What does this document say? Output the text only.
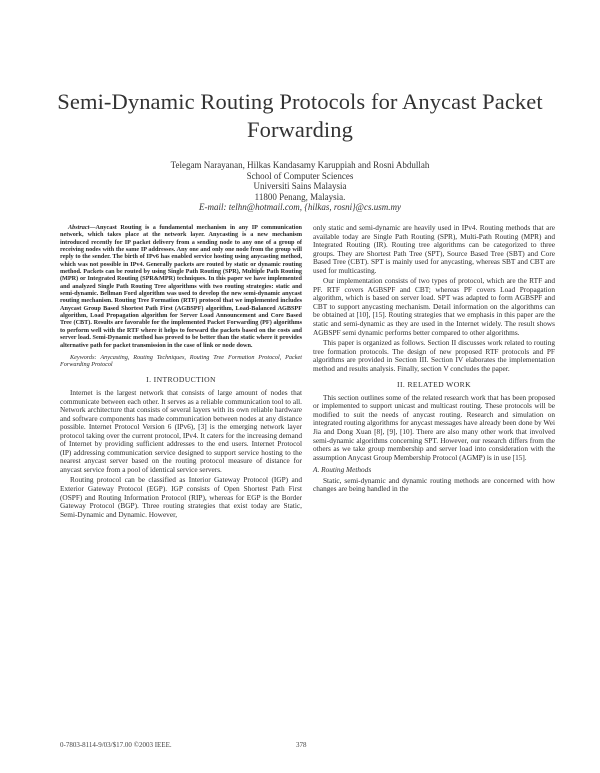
Semi-Dynamic Routing Protocols for Anycast Packet Forwarding
Telegam Narayanan, Hilkas Kandasamy Karuppiah and Rosni Abdullah
School of Computer Sciences
Universiti Sains Malaysia
11800 Penang, Malaysia.
E-mail: telhn@hotmail.com, {hilkas, rosni}@cs.usm.my

Abstract—Anycast Routing is a fundamental mechanism in any IP communication network, which takes place at the network layer. Anycasting is a new mechanism introduced recently for IP packet delivery from a sending node to any one of a group of receiving nodes with the same IP addresses. Any one and only one node from the group will reply to the sender. The birth of IPv6 has enabled service hosting using anycasting method, which was not possible in IPv4. Generally packets are routed by static or dynamic routing method. Packets can be routed by using Single Path Routing (SPR), Multiple Path Routing (MPR) or Integrated Routing (SPR&MPR) techniques. In this paper we have implemented and analyzed Single Path Routing Tree algorithms with two routing strategies: static and semi-dynamic. Bellman Ford algorithm was used to develop the new semi-dynamic anycast routing mechanism. Routing Tree Formation (RTF) protocol that we implemented includes Anycast Group Based Shortest Path First (AGBSPF) algorithm, Load-Balanced AGBSPF algorithm, Load Propagation algorithm for Server Load Announcement and Core Based Tree (CBT). Results are favorable for the implemented Packet Forwarding (PF) algorithms to perform well with the RTF where it helps to forward the packets based on the costs and server load. Semi-Dynamic method has proved to be better than the static where it provides alternative path for packet transmission in the case of link or node down.

Keywords: Anycasting, Routing Techniques, Routing Tree Formation Protocol, Packet Forwarding Protocol

I. INTRODUCTION

Internet is the largest network that consists of large amount of nodes that communicate between each other. It serves as a reliable communication tool to all. Network architecture that consists of several layers with its own reliable hardware and software components has made communication between nodes at any distance possible. Internet Protocol Version 6 (IPv6), [3] is the emerging network layer protocol taking over the current protocol, IPv4. It caters for the increasing demand of Internet by providing sufficient addresses to the end users. Internet Protocol (IP) addressing communication service designed to support service hosting to the nearest anycast server based on the routing protocol measure of distance for anycast service from a pool of identical service servers.

Routing protocol can be classified as Interior Gateway Protocol (IGP) and Exterior Gateway Protocol (EGP). IGP consists of Open Shortest Path First (OSPF) and Routing Information Protocol (RIP), whereas for EGP is the Border Gateway Protocol (BGP). Three routing strategies that exist today are Static, Semi-Dynamic and Dynamic. However,

only static and semi-dynamic are heavily used in IPv4. Routing methods that are available today are Single Path Routing (SPR), Multi-Path Routing (MPR) and Integrated Routing (IR). Routing tree algorithms can be categorized to three groups. They are Shortest Path Tree (SPT), Source Based Tree (SBT) and Core Based Tree (CBT). SPT is mainly used for anycasting, whereas SBT and CBT are used for multicasting.

Our implementation consists of two types of protocol, which are the RTF and PF. RTF covers AGBSPF and CBT; whereas PF covers Load Propagation algorithm, which is based on server load. SPT was adapted to form AGBSPF and CBT to support anycasting mechanism. Detail information on the algorithms can be obtained at [10], [15]. Routing strategies that we emphasis in this paper are the static and semi-dynamic as they are used in the Internet widely. The result shows AGBSPF semi dynamic performs better compared to other algorithms.

This paper is organized as follows. Section II discusses work related to routing tree formation protocols. The design of new proposed RTF protocols and PF algorithms are provided in Section III. Section IV elaborates the implementation method and results analysis. Finally, section V concludes the paper.

II. RELATED WORK

This section outlines some of the related research work that has been proposed or implemented to support unicast and multicast routing. These protocols will be modified to suit the needs of anycast routing. Research and simulation on integrated routing algorithms for anycast messages have already been done by Wei Jia and Dong Xuan [8], [9], [10]. There are also many other work that involved semi-dynamic algorithms concerning SPT. However, our research differs from the others as we take group membership and server load into consideration with the assumption Anycast Group Membership Protocol (AGMP) is in use [15].

A. Routing Methods

Static, semi-dynamic and dynamic routing methods are concerned with how changes are being handled in the

0-7803-8114-9/03/$17.00 ©2003 IEEE.	378
